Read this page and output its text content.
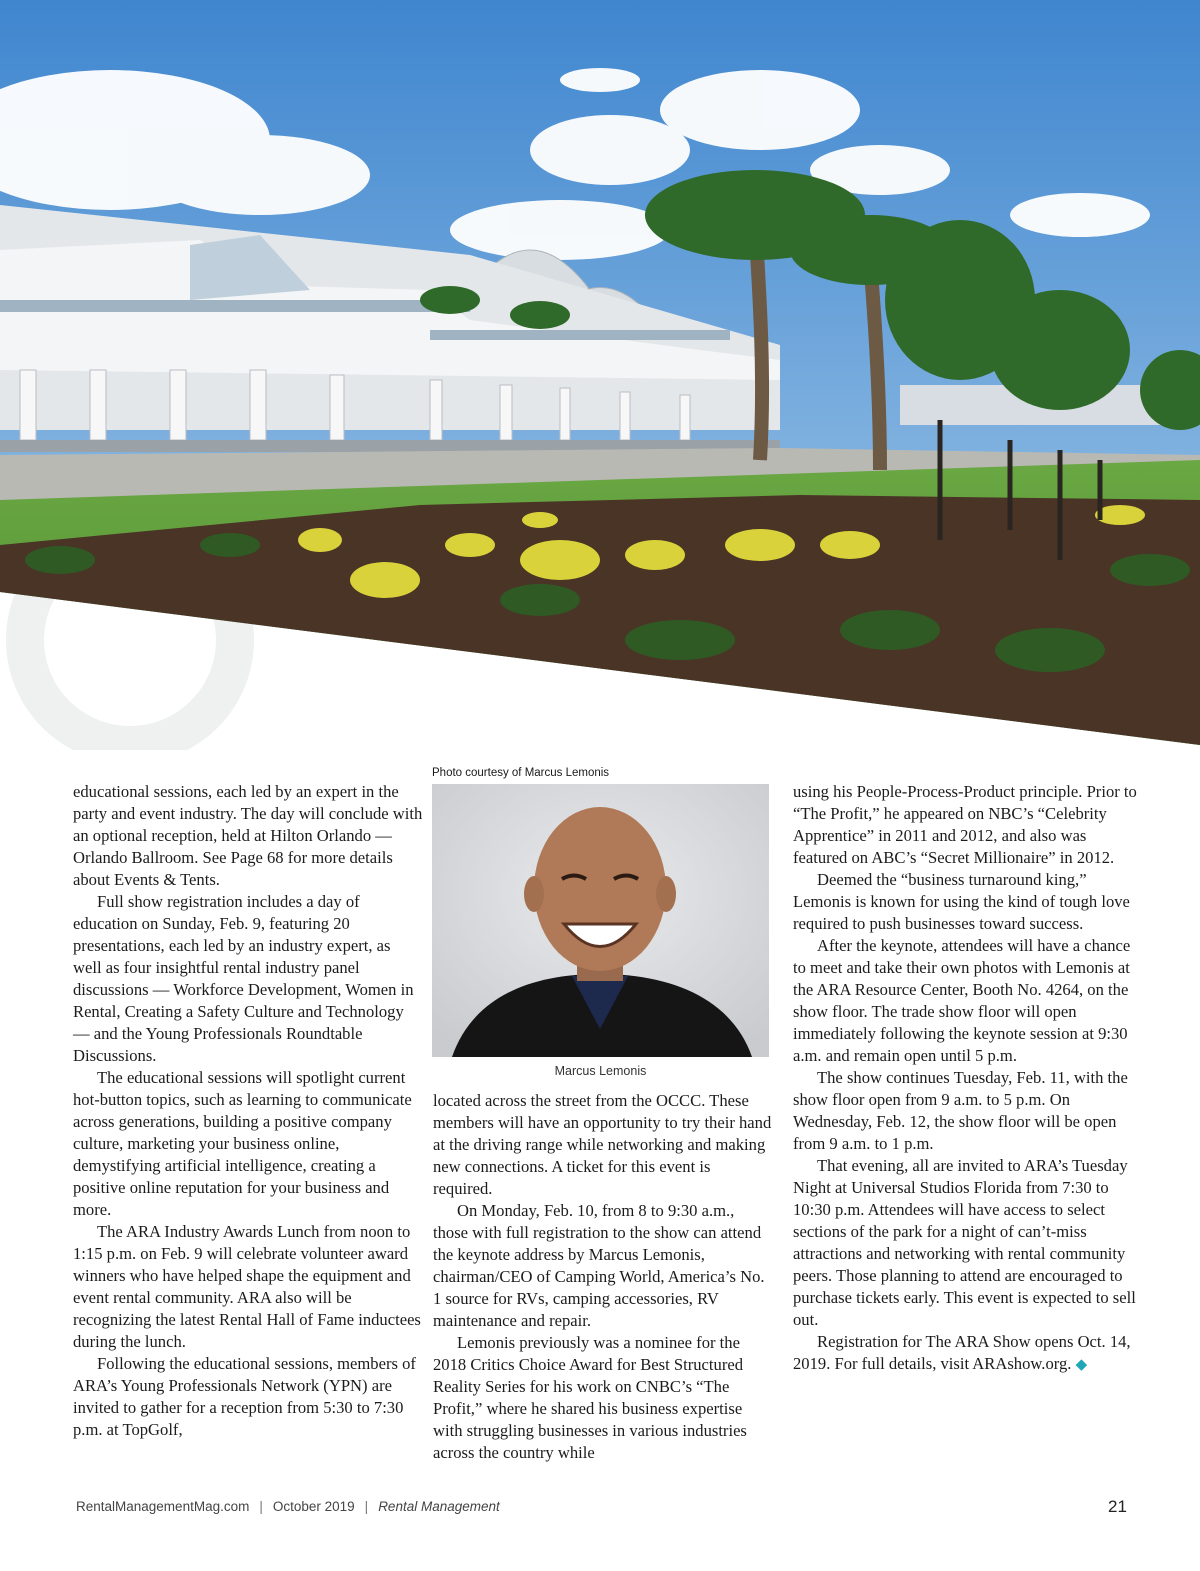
educational sessions, each led by an expert in the party and event industry. The day will conclude with an optional reception, held at Hilton Orlando — Orlando Ballroom. See Page 68 for more details about Events & Tents.

Full show registration includes a day of education on Sunday, Feb. 9, featuring 20 presentations, each led by an industry expert, as well as four insightful rental industry panel discussions — Workforce Development, Women in Rental, Creating a Safety Culture and Technology — and the Young Professionals Roundtable Discussions.

The educational sessions will spotlight current hot-button topics, such as learning to communicate across generations, building a positive company culture, marketing your business online, demystifying artificial intelligence, creating a positive online reputation for your business and more.

The ARA Industry Awards Lunch from noon to 1:15 p.m. on Feb. 9 will celebrate volunteer award winners who have helped shape the equipment and event rental community. ARA also will be recognizing the latest Rental Hall of Fame inductees during the lunch.

Following the educational sessions, members of ARA’s Young Professionals Network (YPN) are invited to gather for a reception from 5:30 to 7:30 p.m. at TopGolf,

Photo courtesy of Marcus Lemonis
Marcus Lemonis

located across the street from the OCCC. These members will have an opportunity to try their hand at the driving range while networking and making new connections. A ticket for this event is required.

On Monday, Feb. 10, from 8 to 9:30 a.m., those with full registration to the show can attend the keynote address by Marcus Lemonis, chairman/CEO of Camping World, America’s No. 1 source for RVs, camping accessories, RV maintenance and repair.

Lemonis previously was a nominee for the 2018 Critics Choice Award for Best Structured Reality Series for his work on CNBC’s “The Profit,” where he shared his business expertise with struggling businesses in various industries across the country while

using his People-Process-Product principle. Prior to “The Profit,” he appeared on NBC’s “Celebrity Apprentice” in 2011 and 2012, and also was featured on ABC’s “Secret Millionaire” in 2012.

Deemed the “business turnaround king,” Lemonis is known for using the kind of tough love required to push businesses toward success.

After the keynote, attendees will have a chance to meet and take their own photos with Lemonis at the ARA Resource Center, Booth No. 4264, on the show floor. The trade show floor will open immediately following the keynote session at 9:30 a.m. and remain open until 5 p.m.

The show continues Tuesday, Feb. 11, with the show floor open from 9 a.m. to 5 p.m. On Wednesday, Feb. 12, the show floor will be open from 9 a.m. to 1 p.m.

That evening, all are invited to ARA’s Tuesday Night at Universal Studios Florida from 7:30 to 10:30 p.m. Attendees will have access to select sections of the park for a night of can’t-miss attractions and networking with rental community peers. Those planning to attend are encouraged to purchase tickets early. This event is expected to sell out.

Registration for The ARA Show opens Oct. 14, 2019. For full details, visit ARAshow.org. ◆

RentalManagementMag.com | October 2019 | Rental Management	21
